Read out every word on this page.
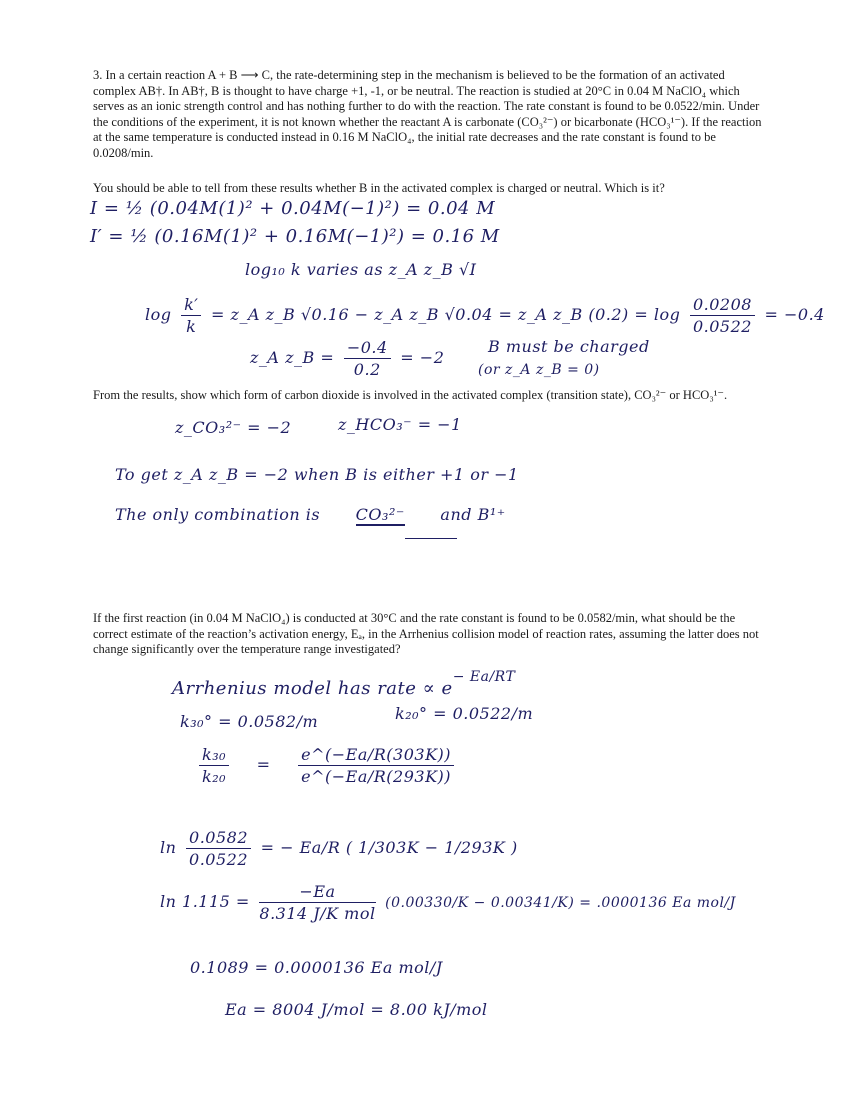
3. In a certain reaction A + B ⟶ C, the rate-determining step in the mechanism is believed to be the formation of an activated complex AB†. In AB†, B is thought to have charge +1, -1, or be neutral. The reaction is studied at 20°C in 0.04 M NaClO₄ which serves as an ionic strength control and has nothing further to do with the reaction. The rate constant is found to be 0.0522/min. Under the conditions of the experiment, it is not known whether the reactant A is carbonate (CO₃²⁻) or bicarbonate (HCO₃¹⁻). If the reaction at the same temperature is conducted instead in 0.16 M NaClO₄, the initial rate decreases and the rate constant is found to be 0.0208/min.
You should be able to tell from these results whether B in the activated complex is charged or neutral. Which is it?
I = ½ (0.04M(1)² + 0.04M(−1)²) = 0.04 M
I′ = ½ (0.16M(1)² + 0.16M(−1)²) = 0.16 M
log₁₀ k varies as z_A z_B √I
$\log \frac{k'}{k}$ = z_A z_B √0.16 − z_A z_B √0.04 = z_A z_B $(0.2) = \log \frac{0.0208}{0.0522} = -0.4$
z_A z_B = $\frac{-0.4}{0.2} = -2$
B must be charged
(or z_A z_B = 0)
From the results, show which form of carbon dioxide is involved in the activated complex (transition state), CO₃²⁻ or HCO₃¹⁻.
z_CO₃²⁻ = −2	z_HCO₃⁻ = −1
To get z_A z_B = −2 when B is either +1 or −1
The only combination is CO₃²⁻ and B¹⁺
If the first reaction (in 0.04 M NaClO₄) is conducted at 30°C and the rate constant is found to be 0.0582/min, what should be the correct estimate of the reaction’s activation energy, Eₐ, in the Arrhenius collision model of reaction rates, assuming the latter does not change significantly over the temperature range investigated?
Arrhenius model has rate ∝ $e^{- Ea/RT}$
k₃₀° = 0.0582/m	k₂₀° = 0.0522/m
$\frac{\text{k₃₀}}{\text{k₂₀}} = \frac{e\^{}(-Ea/R(303K))}{e\^{}(-Ea/R(293K))}$
$\ln \frac{0.0582}{0.0522}$ = − Ea/R ( 1/303K − 1/293K )
$\ln 1.115 = \frac{-Ea}{\text{8.314 J/K mol}} (0.00330/K - 0.00341/K) = .0000136$ Ea mol/J
0.1089 = 0.0000136 Ea mol/J
Ea = 8004 J/mol = 8.00 kJ/mol
